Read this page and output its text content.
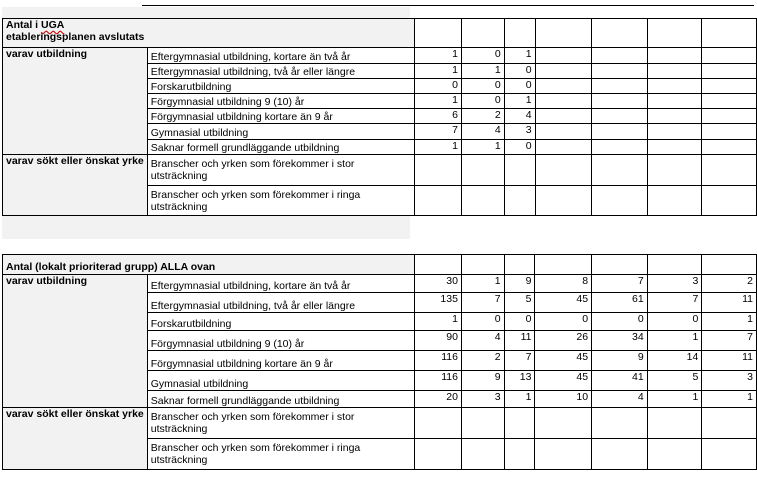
Antal i UGA
etableringsplanen avslutats								
varav utbildning	Eftergymnasial utbildning, kortare än två år	1	0	1				
	Eftergymnasial utbildning, två år eller längre	1	1	0				
	Forskarutbildning	0	0	0				
	Förgymnasial utbildning 9 (10) år	1	0	1				
	Förgymnasial utbildning kortare än 9 år	6	2	4				
	Gymnasial utbildning	7	4	3				
	Saknar formell grundläggande utbildning	1	1	0				
varav sökt eller önskat yrke	Branscher och yrken som förekommer i stor utsträckning							
	Branscher och yrken som förekommer i ringa utsträckning							
Antal (lokalt prioriterad grupp) ALLA ovan								
varav utbildning	Eftergymnasial utbildning, kortare än två år	30	1	9	8	7	3	2
	Eftergymnasial utbildning, två år eller längre	135	7	5	45	61	7	11
	Forskarutbildning	1	0	0	0	0	0	1
	Förgymnasial utbildning 9 (10) år	90	4	11	26	34	1	7
	Förgymnasial utbildning kortare än 9 år	116	2	7	45	9	14	11
	Gymnasial utbildning	116	9	13	45	41	5	3
	Saknar formell grundläggande utbildning	20	3	1	10	4	1	1
varav sökt eller önskat yrke	Branscher och yrken som förekommer i stor utsträckning							
	Branscher och yrken som förekommer i ringa utsträckning							
